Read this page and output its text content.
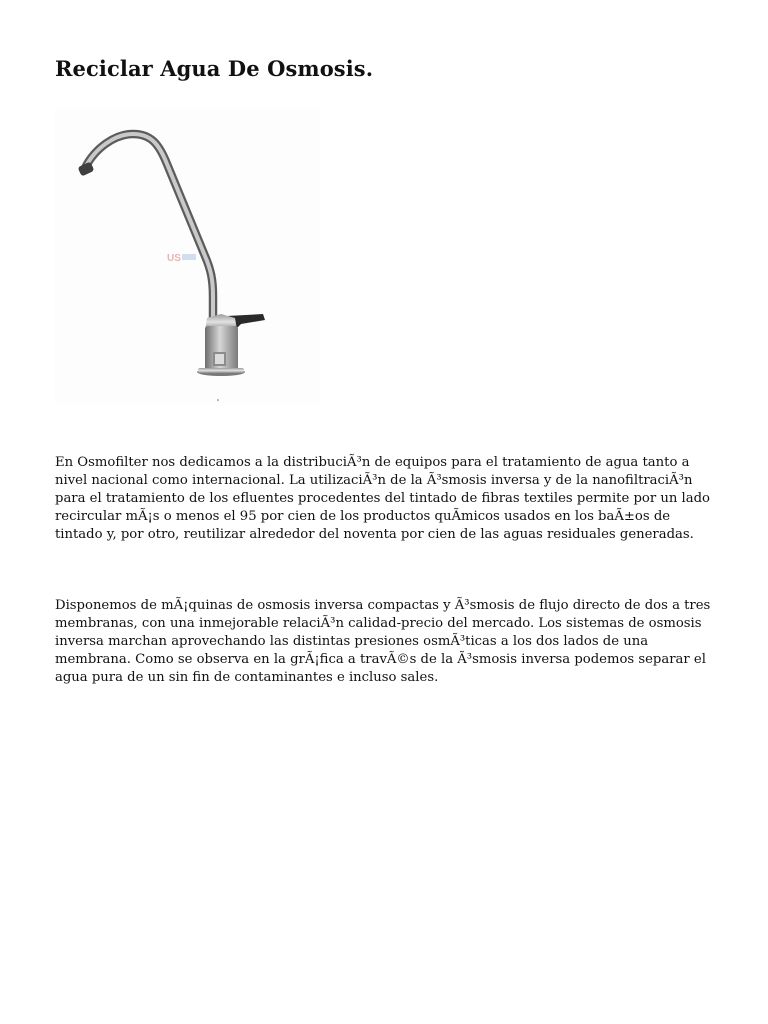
Reciclar Agua De Osmosis.
US

En Osmofilter nos dedicamos a la distribuciÃ³n de equipos para el tratamiento de agua tanto a nivel nacional como internacional. La utilizaciÃ³n de la Ã³smosis inversa y de la nanofiltraciÃ³n para el tratamiento de los efluentes procedentes del tintado de fibras textiles permite por un lado recircular mÃ¡s o menos el 95 por cien de los productos quÃmicos usados en los baÃ±os de tintado y, por otro, reutilizar alrededor del noventa por cien de las aguas residuales generadas.

Disponemos de mÃ¡quinas de osmosis inversa compactas y Ã³smosis de flujo directo de dos a tres membranas, con una inmejorable relaciÃ³n calidad-precio del mercado. Los sistemas de osmosis inversa marchan aprovechando las distintas presiones osmÃ³ticas a los dos lados de una membrana. Como se observa en la grÃ¡fica a travÃ©s de la Ã³smosis inversa podemos separar el agua pura de un sin fin de contaminantes e incluso sales.
